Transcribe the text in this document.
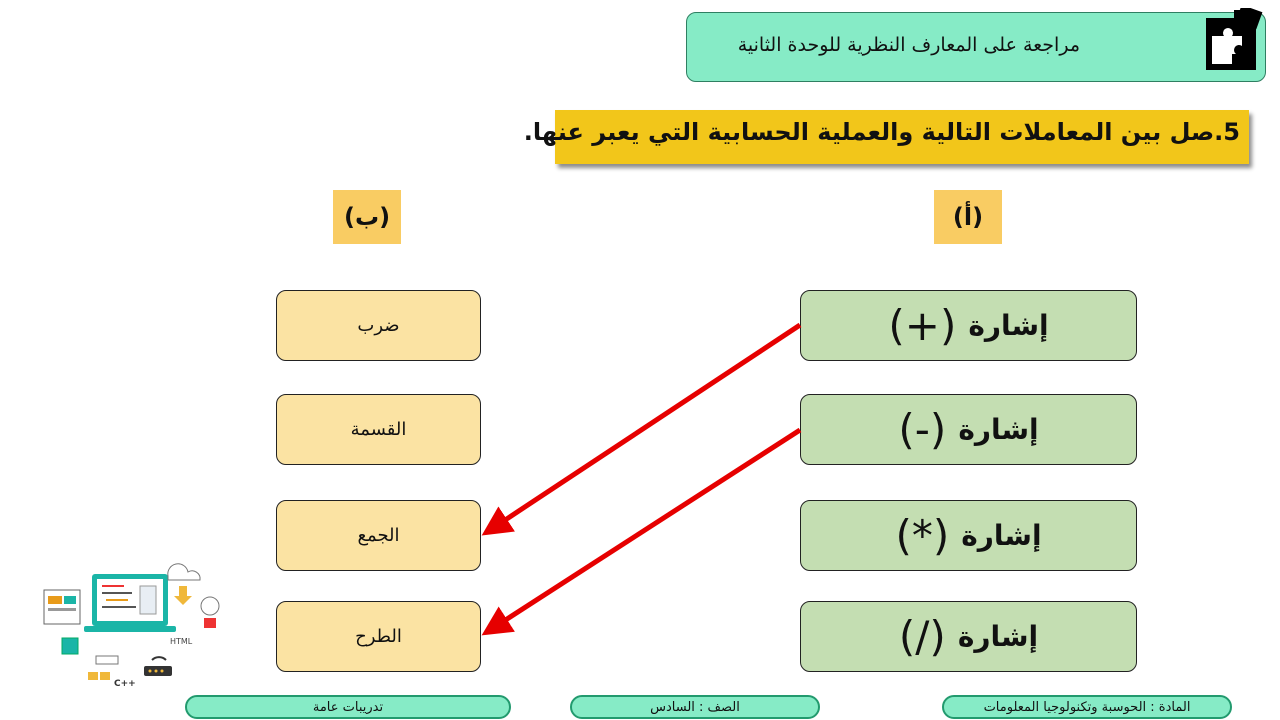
مراجعة على المعارف النظرية للوحدة الثانية
5.صل بين المعاملات التالية والعملية الحسابية التي يعبر عنها.
(ب)	(أ)
إشارة
(+)
إشارة
(-)
إشارة
(*)
إشارة
(/)
ضرب
القسمة
الجمع
الطرح
HTML
C++
المادة : الحوسبة وتكنولوجيا المعلومات
الصف : السادس
تدريبات عامة
